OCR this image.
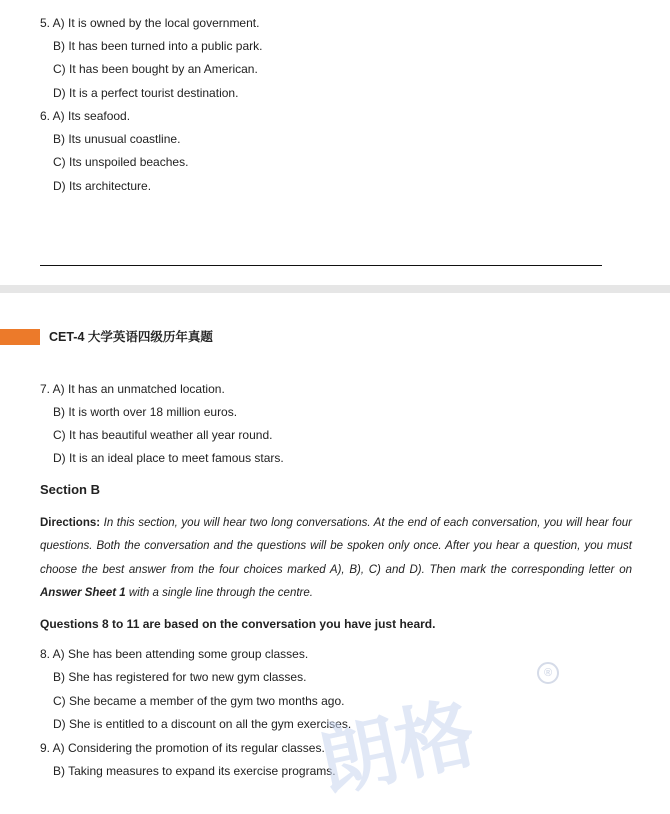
5. A) It is owned by the local government.
B) It has been turned into a public park.
C) It has been bought by an American.
D) It is a perfect tourist destination.
6. A) Its seafood.
B) Its unusual coastline.
C) Its unspoiled beaches.
D) Its architecture.
CET-4 大学英语四级历年真题
7. A) It has an unmatched location.
B) It is worth over 18 million euros.
C) It has beautiful weather all year round.
D) It is an ideal place to meet famous stars.
Section B
Directions: In this section, you will hear two long conversations. At the end of each conversation, you will hear four
questions. Both the conversation and the questions will be spoken only once. After you hear a question, you must
choose the best answer from the four choices marked A), B), C) and D). Then mark the corresponding letter on
Answer Sheet 1 with a single line through the centre.
Questions 8 to 11 are based on the conversation you have just heard.
8. A) She has been attending some group classes.
B) She has registered for two new gym classes.
C) She became a member of the gym two months ago.
D) She is entitled to a discount on all the gym exercises.
9. A) Considering the promotion of its regular classes.
B) Taking measures to expand its exercise programs.
®
朗格
